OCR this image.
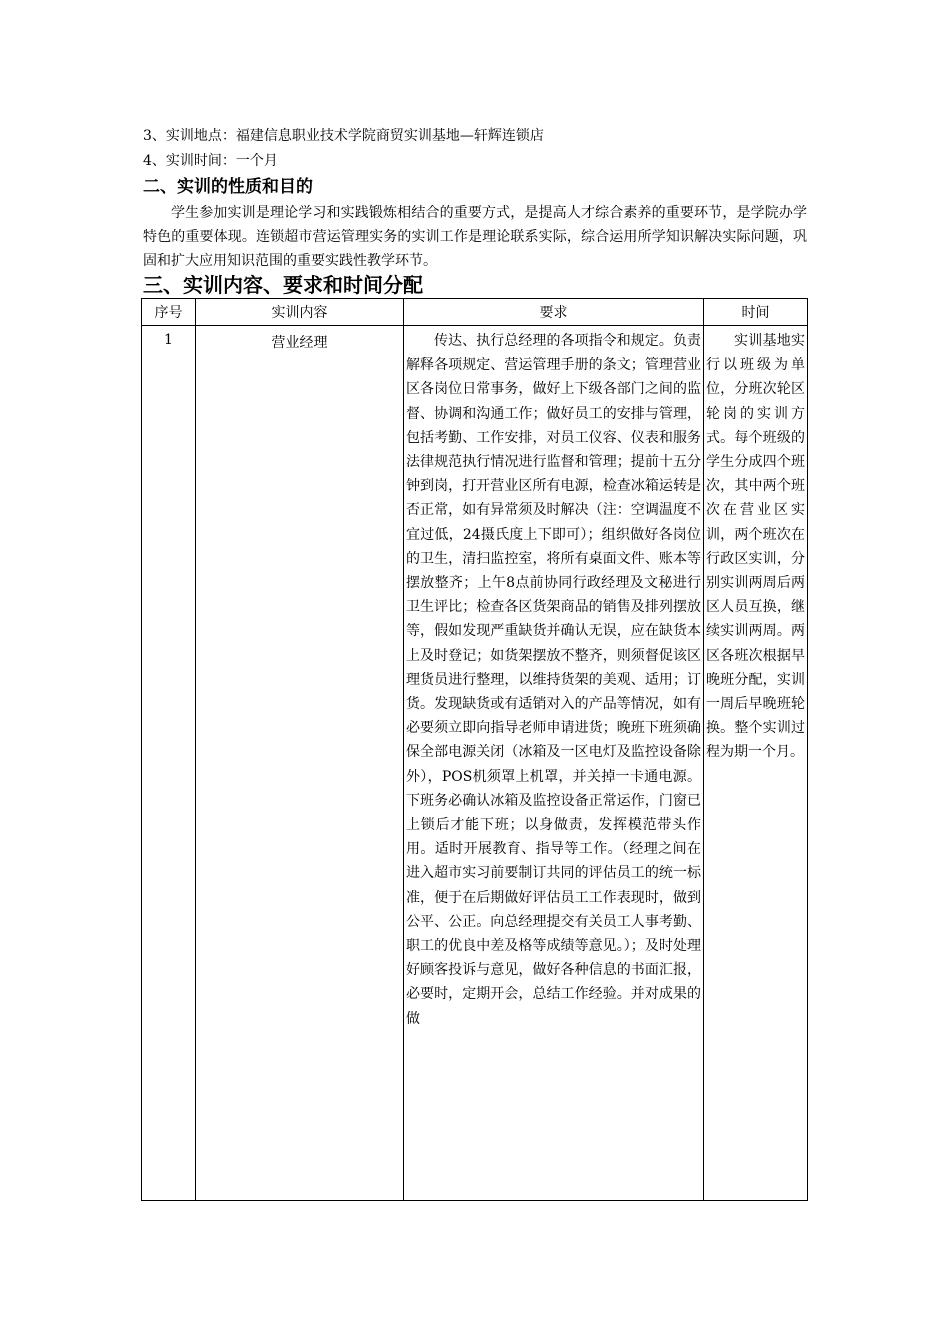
3、实训地点：福建信息职业技术学院商贸实训基地—轩辉连锁店
4、实训时间：一个月
二、实训的性质和目的
学生参加实训是理论学习和实践锻炼相结合的重要方式，是提高人才综合素养的重要环节，是学院办学特色的重要体现。连锁超市营运管理实务的实训工作是理论联系实际，综合运用所学知识解决实际问题，巩固和扩大应用知识范围的重要实践性教学环节。
三、实训内容、要求和时间分配
序号	实训内容	要求	时间
1	营业经理	传达、执行总经理的各项指令和规定。负责解释各项规定、营运管理手册的条文；管理营业区各岗位日常事务，做好上下级各部门之间的监督、协调和沟通工作；做好员工的安排与管理，包括考勤、工作安排，对员工仪容、仪表和服务法律规范执行情况进行监督和管理；提前十五分钟到岗，打开营业区所有电源，检查冰箱运转是否正常，如有异常须及时解决（注：空调温度不宜过低，24摄氏度上下即可）；组织做好各岗位的卫生，清扫监控室，将所有桌面文件、账本等摆放整齐；上午8点前协同行政经理及文秘进行卫生评比；检查各区货架商品的销售及排列摆放等，假如发现严重缺货并确认无误，应在缺货本上及时登记；如货架摆放不整齐，则须督促该区理货员进行整理，以维持货架的美观、适用；订货。发现缺货或有适销对入的产品等情况，如有必要须立即向指导老师申请进货；晚班下班须确保全部电源关闭（冰箱及一区电灯及监控设备除外），POS机须罩上机罩，并关掉一卡通电源。下班务必确认冰箱及监控设备正常运作，门窗已上锁后才能下班；以身做责，发挥模范带头作用。适时开展教育、指导等工作。（经理之间在进入超市实习前要制订共同的评估员工的统一标准，便于在后期做好评估员工工作表现时，做到公平、公正。向总经理提交有关员工人事考勤、职工的优良中差及格等成绩等意见。）；及时处理好顾客投诉与意见，做好各种信息的书面汇报，必要时，定期开会，总结工作经验。并对成果的做	实训基地实行以班级为单位，分班次轮区轮岗的实训方式。每个班级的学生分成四个班次，其中两个班次在营业区实训，两个班次在行政区实训，分别实训两周后两区人员互换，继续实训两周。两区各班次根据早晚班分配，实训一周后早晚班轮换。整个实训过程为期一个月。
